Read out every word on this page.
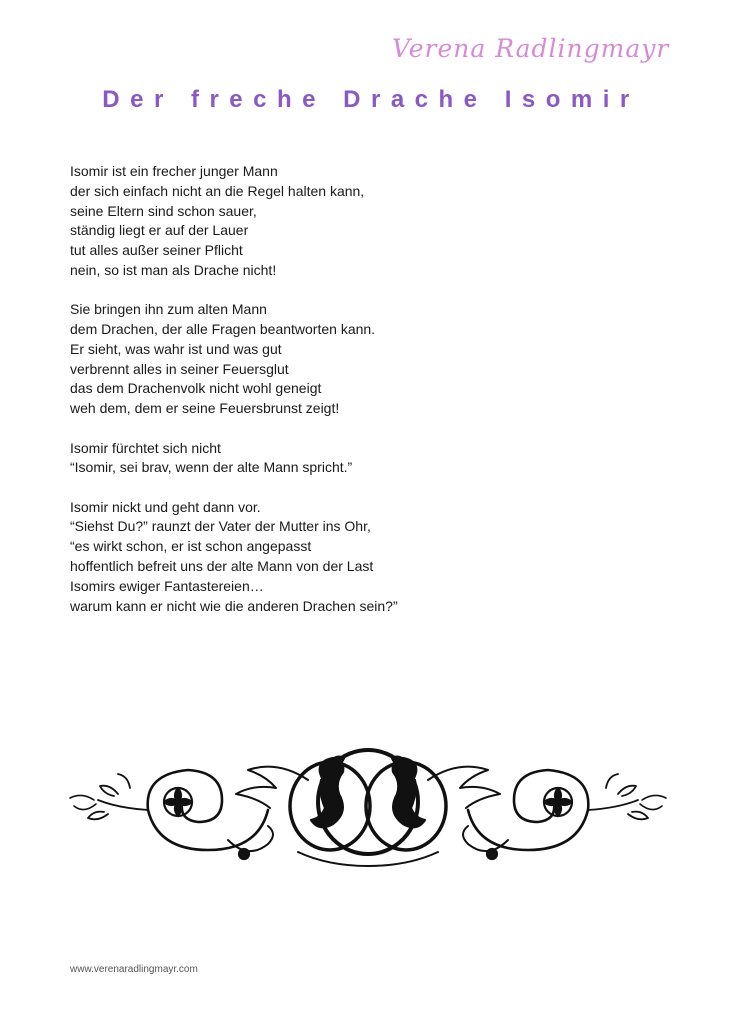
Verena Radlingmayr
Der freche Drache Isomir
Isomir ist ein frecher junger Mann
der sich einfach nicht an die Regel halten kann,
seine Eltern sind schon sauer,
ständig liegt er auf der Lauer
tut alles außer seiner Pflicht
nein, so ist man als Drache nicht!
Sie bringen ihn zum alten Mann
dem Drachen, der alle Fragen beantworten kann.
Er sieht, was wahr ist und was gut
verbrennt alles in seiner Feuersglut
das dem Drachenvolk nicht wohl geneigt
weh dem, dem er seine Feuersbrunst zeigt!
Isomir fürchtet sich nicht
“Isomir, sei brav, wenn der alte Mann spricht.”
Isomir nickt und geht dann vor.
“Siehst Du?” raunzt der Vater der Mutter ins Ohr,
“es wirkt schon, er ist schon angepasst
hoffentlich befreit uns der alte Mann von der Last
Isomirs ewiger Fantastereien…
warum kann er nicht wie die anderen Drachen sein?”
www.verenaradlingmayr.com
